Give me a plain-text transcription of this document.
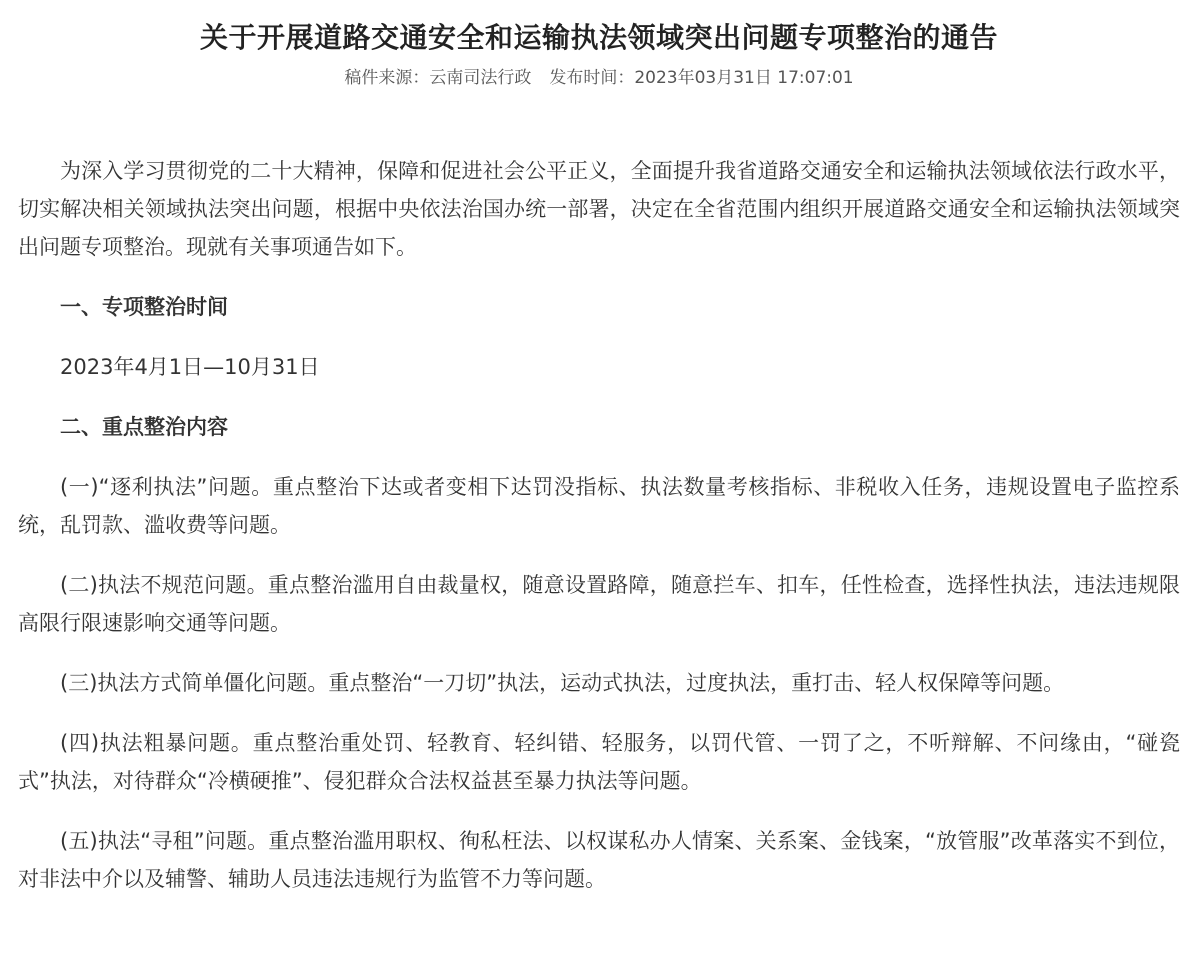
关于开展道路交通安全和运输执法领域突出问题专项整治的通告
稿件来源：云南司法行政 发布时间：2023年03月31日 17:07:01

为深入学习贯彻党的二十大精神，保障和促进社会公平正义，全面提升我省道路交通安全和运输执法领域依法行政水平，切实解决相关领域执法突出问题，根据中央依法治国办统一部署，决定在全省范围内组织开展道路交通安全和运输执法领域突出问题专项整治。现就有关事项通告如下。

一、专项整治时间

2023年4月1日—10月31日

二、重点整治内容

(一)“逐利执法”问题。重点整治下达或者变相下达罚没指标、执法数量考核指标、非税收入任务，违规设置电子监控系统，乱罚款、滥收费等问题。

(二)执法不规范问题。重点整治滥用自由裁量权，随意设置路障，随意拦车、扣车，任性检查，选择性执法，违法违规限高限行限速影响交通等问题。

(三)执法方式简单僵化问题。重点整治“一刀切”执法，运动式执法，过度执法，重打击、轻人权保障等问题。

(四)执法粗暴问题。重点整治重处罚、轻教育、轻纠错、轻服务，以罚代管、一罚了之，不听辩解、不问缘由，“碰瓷式”执法，对待群众“冷横硬推”、侵犯群众合法权益甚至暴力执法等问题。

(五)执法“寻租”问题。重点整治滥用职权、徇私枉法、以权谋私办人情案、关系案、金钱案，“放管服”改革落实不到位，对非法中介以及辅警、辅助人员违法违规行为监管不力等问题。
